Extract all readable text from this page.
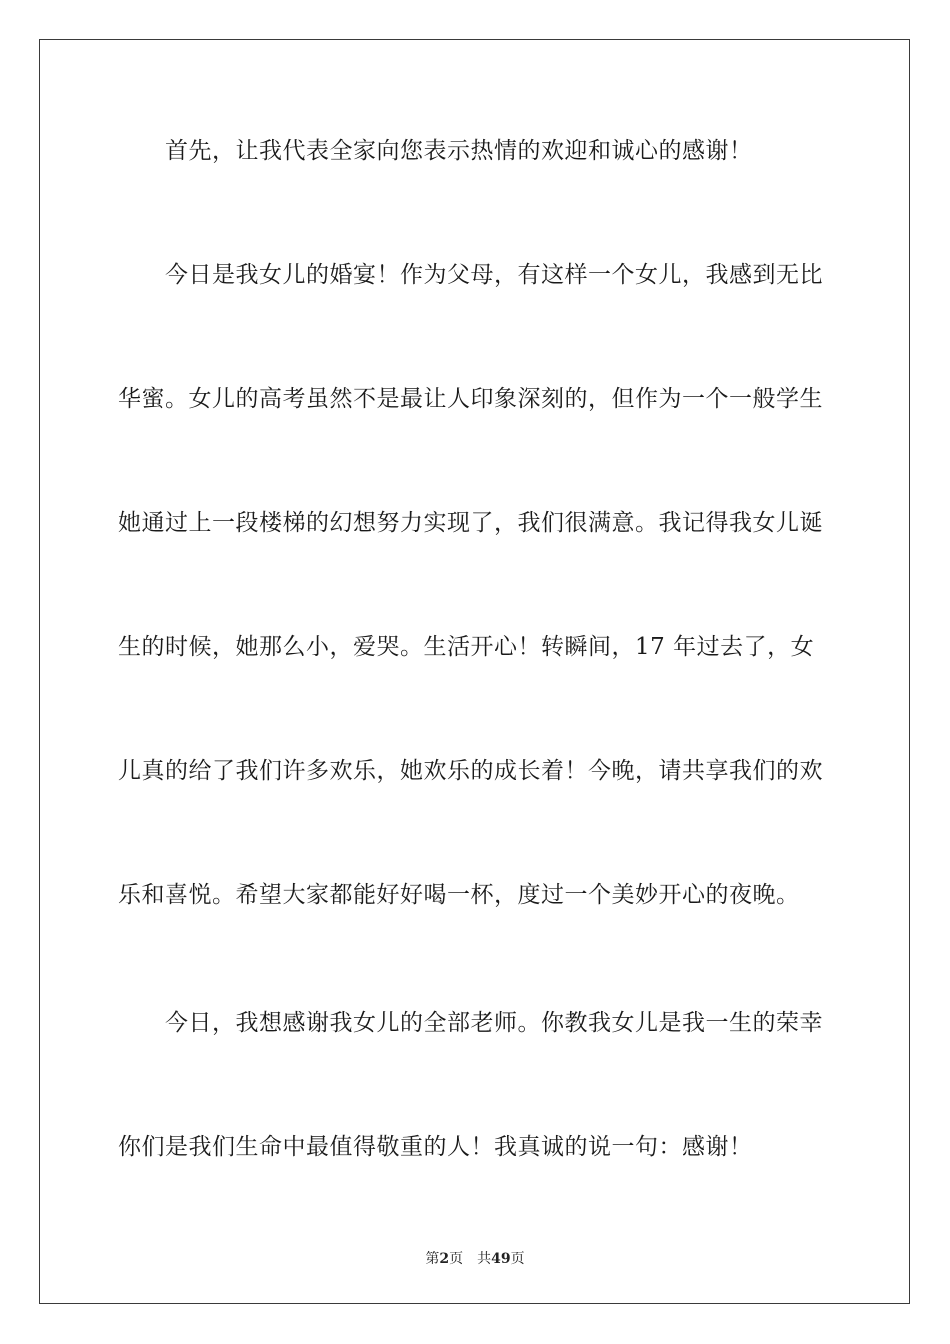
首先，让我代表全家向您表示热情的欢迎和诚心的感谢！
今日是我女儿的婚宴！作为父母，有这样一个女儿，我感到无比
华蜜。女儿的高考虽然不是最让人印象深刻的，但作为一个一般学生
她通过上一段楼梯的幻想努力实现了，我们很满意。我记得我女儿诞
生的时候，她那么小，爱哭。生活开心！转瞬间，17 年过去了，女
儿真的给了我们许多欢乐，她欢乐的成长着！今晚，请共享我们的欢
乐和喜悦。希望大家都能好好喝一杯，度过一个美妙开心的夜晚。
今日，我想感谢我女儿的全部老师。你教我女儿是我一生的荣幸
你们是我们生命中最值得敬重的人！我真诚的说一句：感谢！
第2页 共49页
